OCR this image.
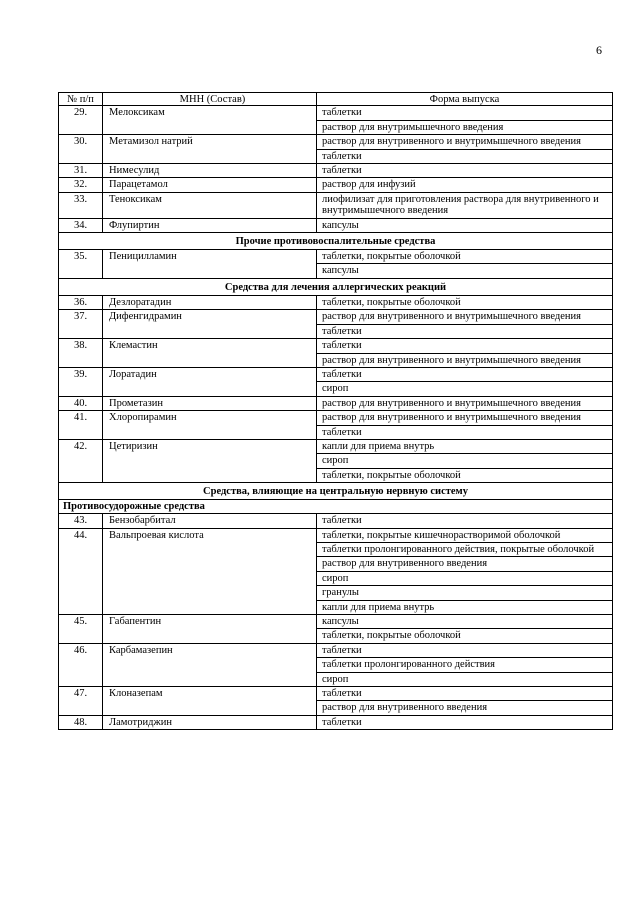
6
№ п/п	МНН (Состав)	Форма выпуска
29.	Мелоксикам	таблетки
раствор для внутримышечного введения
30.	Метамизол натрий	раствор для внутривенного и внутримышечного введения
таблетки
31.	Нимесулид	таблетки
32.	Парацетамол	раствор для инфузий
33.	Теноксикам	лиофилизат для приготовления раствора для внутривенного и внутримышечного введения
34.	Флупиртин	капсулы
Прочие противовоспалительные средства
35.	Пеницилламин	таблетки, покрытые оболочкой
капсулы
Средства для лечения аллергических реакций
36.	Дезлоратадин	таблетки, покрытые оболочкой
37.	Дифенгидрамин	раствор для внутривенного и внутримышечного введения
таблетки
38.	Клемастин	таблетки
раствор для внутривенного и внутримышечного введения
39.	Лоратадин	таблетки
сироп
40.	Прометазин	раствор для внутривенного и внутримышечного введения
41.	Хлоропирамин	раствор для внутривенного и внутримышечного введения
таблетки
42.	Цетиризин	капли для приема внутрь
сироп
таблетки, покрытые оболочкой
Средства, влияющие на центральную нервную систему
Противосудорожные средства
43.	Бензобарбитал	таблетки
44.	Вальпроевая кислота	таблетки, покрытые кишечнорастворимой оболочкой
таблетки пролонгированного действия, покрытые оболочкой
раствор для внутривенного введения
сироп
гранулы
капли для приема внутрь
45.	Габапентин	капсулы
таблетки, покрытые оболочкой
46.	Карбамазепин	таблетки
таблетки пролонгированного действия
сироп
47.	Клоназепам	таблетки
раствор для внутривенного введения
48.	Ламотриджин	таблетки
